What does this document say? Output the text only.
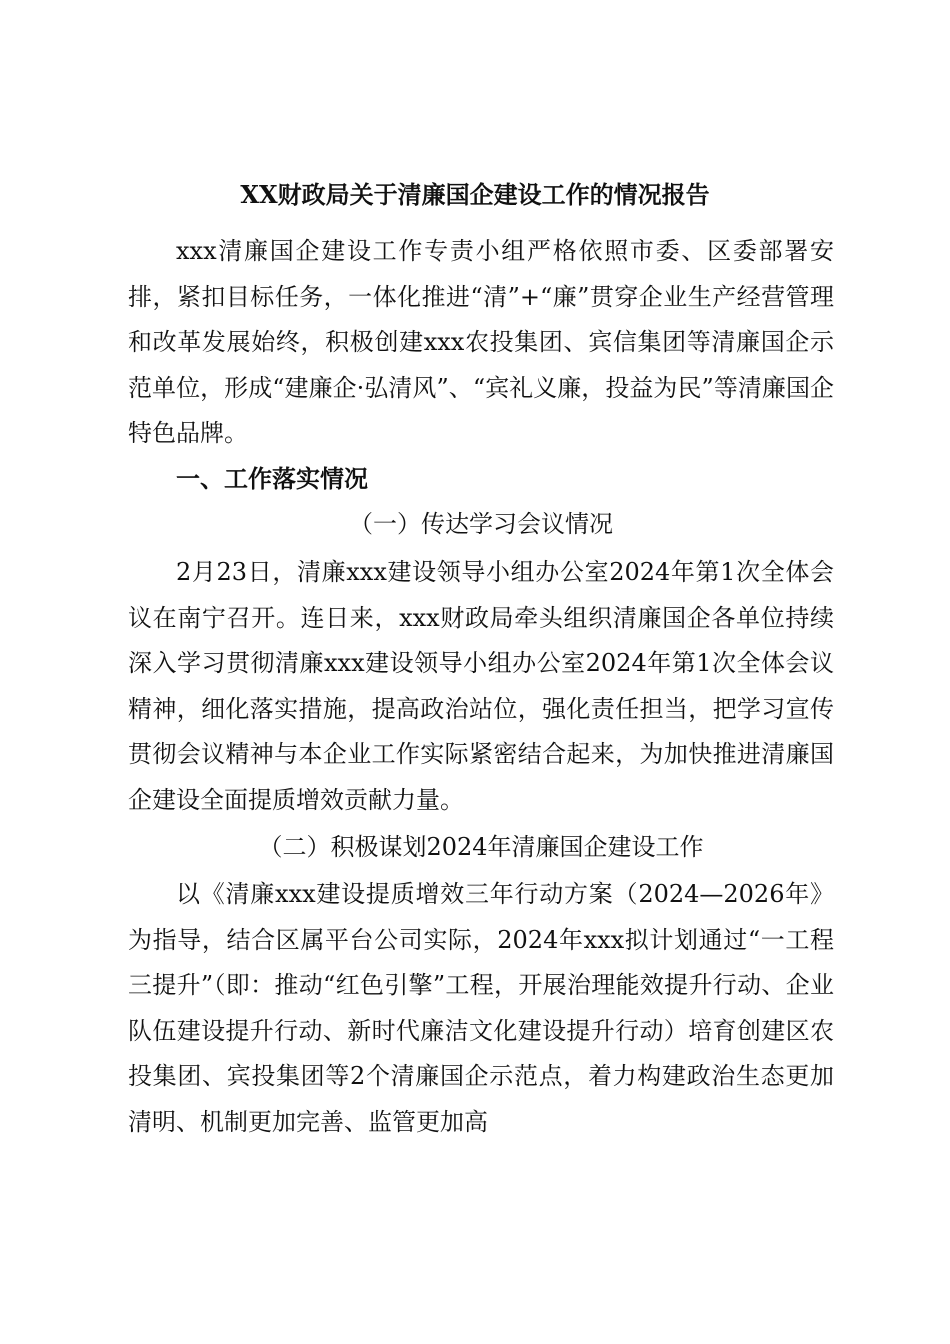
XX财政局关于清廉国企建设工作的情况报告
xxx清廉国企建设工作专责小组严格依照市委、区委部署安排，紧扣目标任务，一体化推进“清”+“廉”贯穿企业生产经营管理和改革发展始终，积极创建xxx农投集团、宾信集团等清廉国企示范单位，形成“建廉企·弘清风”、“宾礼义廉，投益为民”等清廉国企特色品牌。
一、工作落实情况
（一）传达学习会议情况
2月23日，清廉xxx建设领导小组办公室2024年第1次全体会议在南宁召开。连日来，xxx财政局牵头组织清廉国企各单位持续深入学习贯彻清廉xxx建设领导小组办公室2024年第1次全体会议精神，细化落实措施，提高政治站位，强化责任担当，把学习宣传贯彻会议精神与本企业工作实际紧密结合起来，为加快推进清廉国企建设全面提质增效贡献力量。
（二）积极谋划2024年清廉国企建设工作
以《清廉xxx建设提质增效三年行动方案（2024—2026年》为指导，结合区属平台公司实际，2024年xxx拟计划通过“一工程三提升”（即：推动“红色引擎”工程，开展治理能效提升行动、企业队伍建设提升行动、新时代廉洁文化建设提升行动）培育创建区农投集团、宾投集团等2个清廉国企示范点，着力构建政治生态更加清明、机制更加完善、监管更加高
